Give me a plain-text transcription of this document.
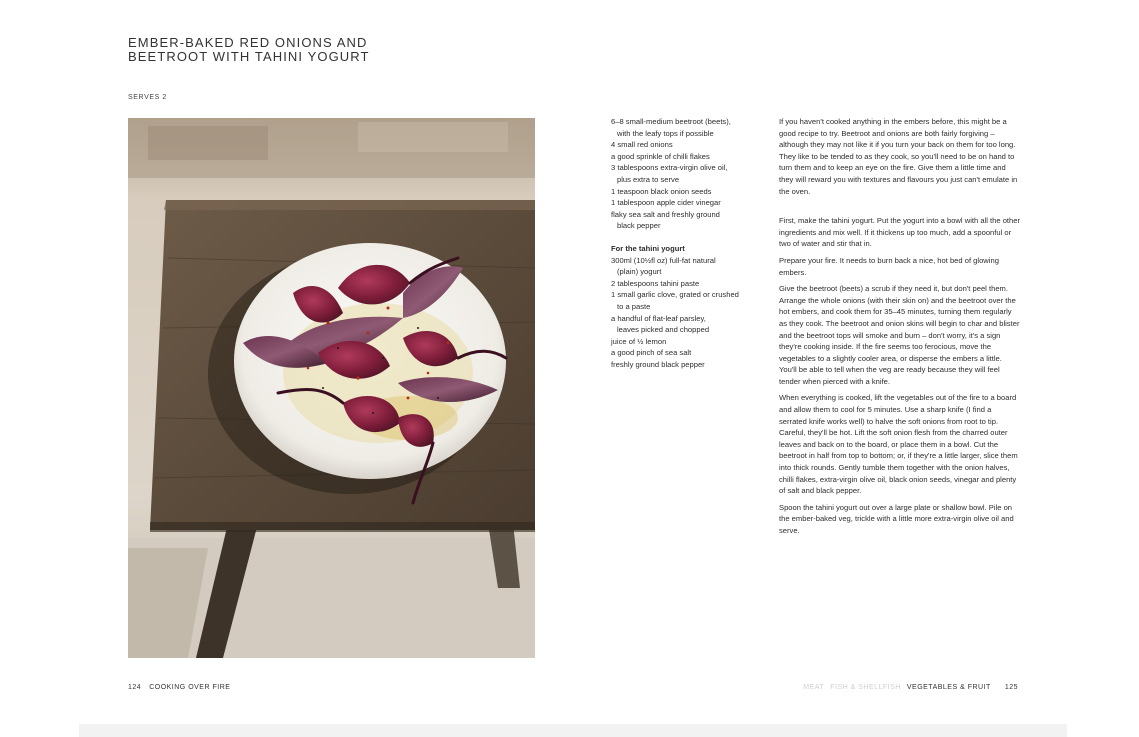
EMBER-BAKED RED ONIONS AND
BEETROOT WITH TAHINI YOGURT
SERVES 2
6–8 small-medium beetroot (beets),
with the leafy tops if possible
4 small red onions
a good sprinkle of chilli flakes
3 tablespoons extra-virgin olive oil,
plus extra to serve
1 teaspoon black onion seeds
1 tablespoon apple cider vinegar
flaky sea salt and freshly ground
black pepper
For the tahini yogurt
300ml (10½fl oz) full-fat natural
(plain) yogurt
2 tablespoons tahini paste
1 small garlic clove, grated or crushed
to a paste
a handful of flat-leaf parsley,
leaves picked and chopped
juice of ½ lemon
a good pinch of sea salt
freshly ground black pepper

If you haven't cooked anything in the embers before, this might be a good recipe to try. Beetroot and onions are both fairly forgiving – although they may not like it if you turn your back on them for too long. They like to be tended to as they cook, so you'll need to be on hand to turn them and to keep an eye on the fire. Give them a little time and they will reward you with textures and flavours you just can't emulate in the oven.

First, make the tahini yogurt. Put the yogurt into a bowl with all the other ingredients and mix well. If it thickens up too much, add a spoonful or two of water and stir that in.

Prepare your fire. It needs to burn back a nice, hot bed of glowing embers.

Give the beetroot (beets) a scrub if they need it, but don't peel them. Arrange the whole onions (with their skin on) and the beetroot over the hot embers, and cook them for 35–45 minutes, turning them regularly as they cook. The beetroot and onion skins will begin to char and blister and the beetroot tops will smoke and burn – don't worry, it's a sign they're cooking inside. If the fire seems too ferocious, move the vegetables to a slightly cooler area, or disperse the embers a little. You'll be able to tell when the veg are ready because they will feel tender when pierced with a knife.

When everything is cooked, lift the vegetables out of the fire to a board and allow them to cool for 5 minutes. Use a sharp knife (I find a serrated knife works well) to halve the soft onions from root to tip. Careful, they'll be hot. Lift the soft onion flesh from the charred outer leaves and back on to the board, or place them in a bowl. Cut the beetroot in half from top to bottom; or, if they're a little larger, slice them into thick rounds. Gently tumble them together with the onion halves, chilli flakes, extra-virgin olive oil, black onion seeds, vinegar and plenty of salt and black pepper.

Spoon the tahini yogurt out over a large plate or shallow bowl. Pile on the ember-baked veg, trickle with a little more extra-virgin olive oil and serve.

124 COOKING OVER FIRE	MEAT FISH & SHELLFISH VEGETABLES & FRUIT 125
